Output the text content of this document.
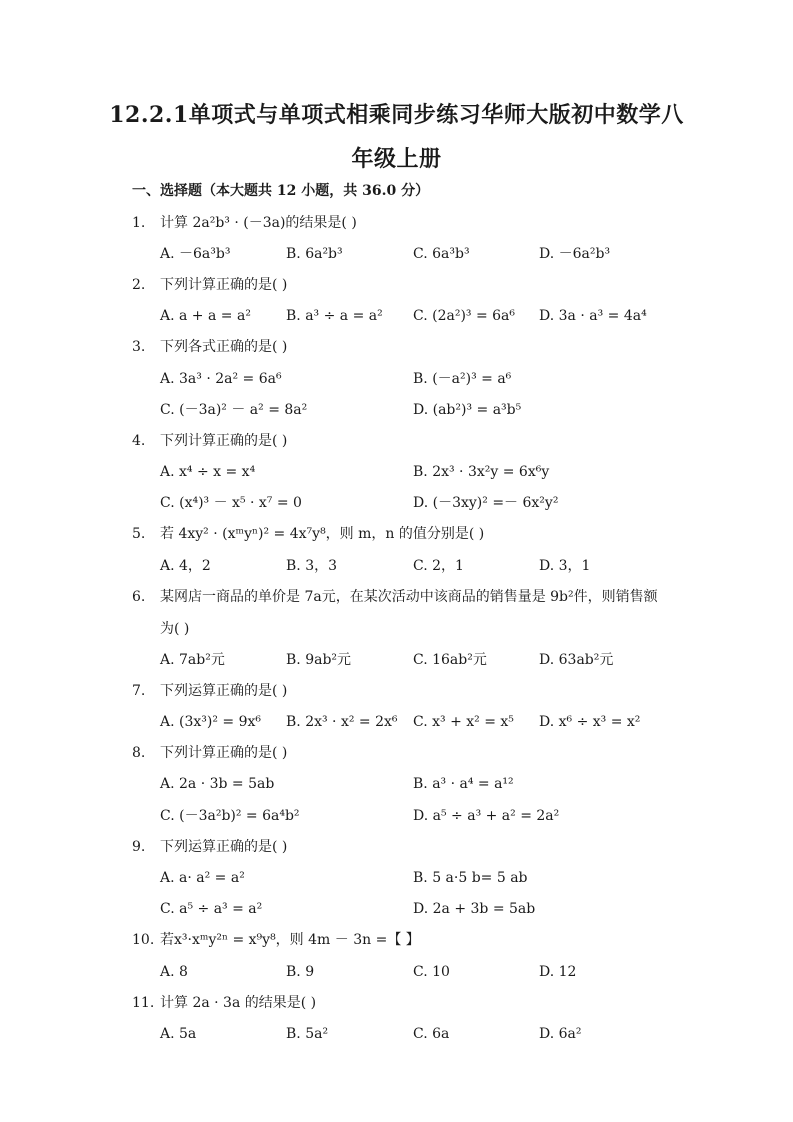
12.2.1单项式与单项式相乘同步练习华师大版初中数学八
年级上册
一、选择题（本大题共 12 小题，共 36.0 分）
1. 计算 2a²b³ · (－3a)的结果是( )
A. －6a³b³	B. 6a²b³	C. 6a³b³	D. －6a²b³
2. 下列计算正确的是( )
A. a + a = a²	B. a³ ÷ a = a² C. (2a²)³ = 6a⁶ D. 3a · a³ = 4a⁴
3. 下列各式正确的是( )
A. 3a³ · 2a² = 6a⁶	B. (－a²)³ = a⁶
C. (－3a)² － a² = 8a²	D. (ab²)³ = a³b⁵
4. 下列计算正确的是( )
A. x⁴ ÷ x = x⁴	B. 2x³ · 3x²y = 6x⁶y
C. (x⁴)³ － x⁵ · x⁷ = 0	D. (－3xy)² =－ 6x²y²
5. 若 4xy² · (xᵐyⁿ)² = 4x⁷y⁸，则 m，n 的值分别是( )
A. 4，2	B. 3，3	C. 2，1	D. 3，1
6. 某网店一商品的单价是 7a元，在某次活动中该商品的销售量是 9b²件，则销售额
为( )
A. 7ab²元	B. 9ab²元	C. 16ab²元	D. 63ab²元
7. 下列运算正确的是( )
A. (3x³)² = 9x⁶ B. 2x³ · x² = 2x⁶ C. x³ + x² = x⁵ D. x⁶ ÷ x³ = x²
8. 下列计算正确的是( )
A. 2a · 3b = 5ab	B. a³ · a⁴ = a¹²
C. (－3a²b)² = 6a⁴b²	D. a⁵ ÷ a³ + a² = 2a²
9. 下列运算正确的是( )
A. a· a² = a²	B. 5 a·5 b= 5 ab
C. a⁵ ÷ a³ = a²	D. 2a + 3b = 5ab
10. 若x³·xᵐy²ⁿ = x⁹y⁸，则 4m － 3n =【 】
A. 8	B. 9	C. 10	D. 12
11. 计算 2a · 3a 的结果是( )
A. 5a	B. 5a²	C. 6a	D. 6a²
